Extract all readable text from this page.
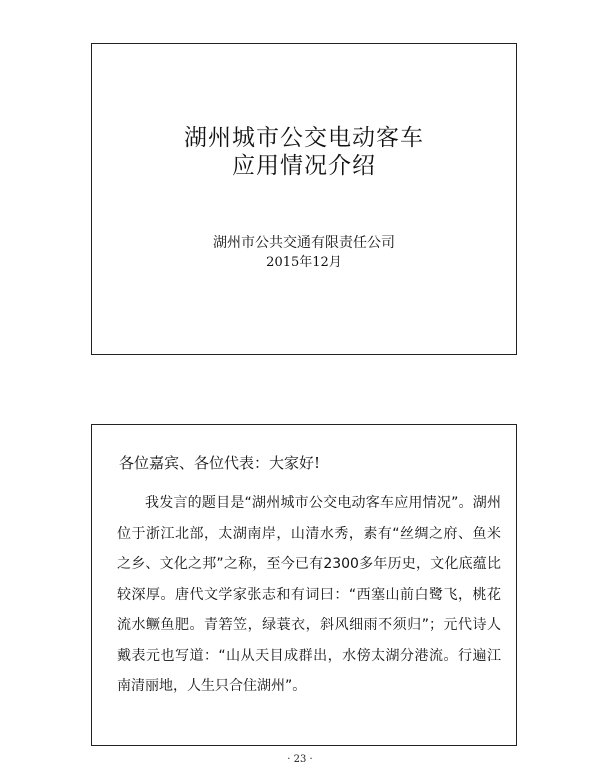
湖州城市公交电动客车
应用情况介绍
湖州市公共交通有限责任公司
2015年12月
各位嘉宾、各位代表：大家好!

我发言的题目是“湖州城市公交电动客车应用情况”。湖州位于浙江北部，太湖南岸，山清水秀，素有“丝绸之府、鱼米之乡、文化之邦”之称，至今已有2300多年历史，文化底蕴比较深厚。唐代文学家张志和有词曰：“西塞山前白鹭飞，桃花流水鳜鱼肥。青箬笠，绿蓑衣，斜风细雨不须归”；元代诗人戴表元也写道：“山从天目成群出，水傍太湖分港流。行遍江南清丽地，人生只合住湖州”。

· 23 ·
